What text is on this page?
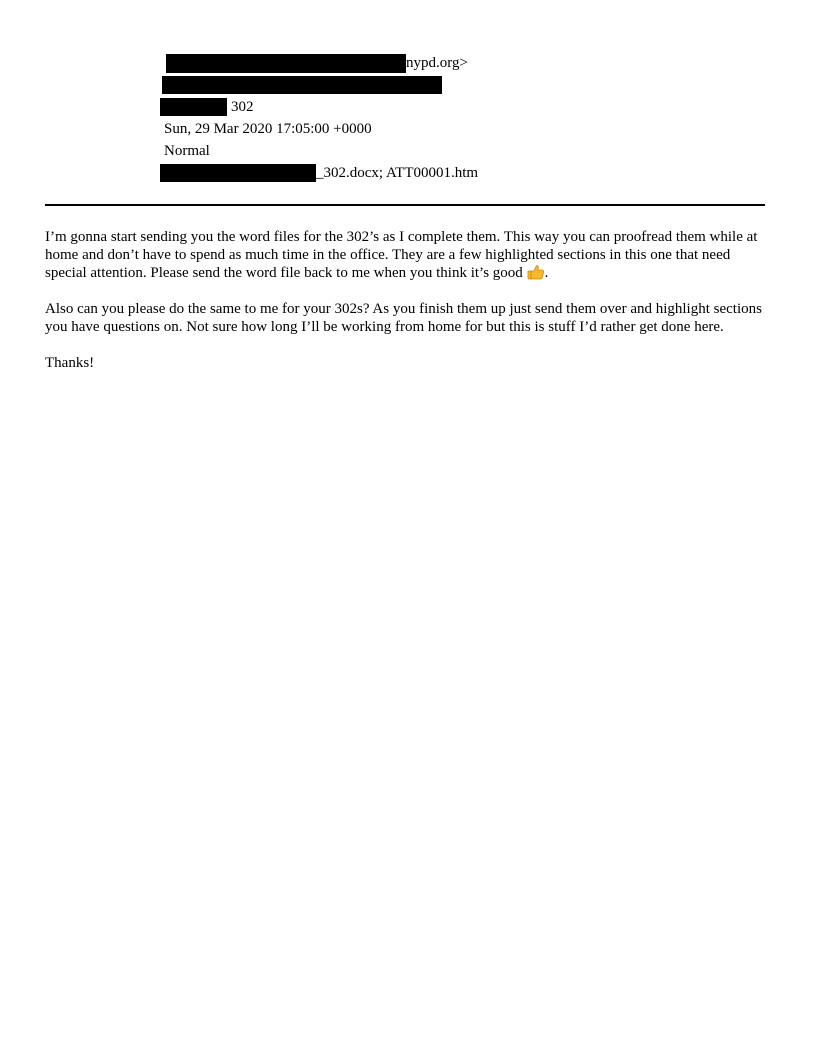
nypd.org>
302
Sun, 29 Mar 2020 17:05:00 +0000
Normal
_302.docx; ATT00001.htm

I’m gonna start sending you the word files for the 302’s as I complete them. This way you can proofread them while at home and don’t have to spend as much time in the office. They are a few highlighted sections in this one that need special attention. Please send the word file back to me when you think it’s good .

Also can you please do the same to me for your 302s? As you finish them up just send them over and highlight sections you have questions on. Not sure how long I’ll be working from home for but this is stuff I’d rather get done here.

Thanks!
